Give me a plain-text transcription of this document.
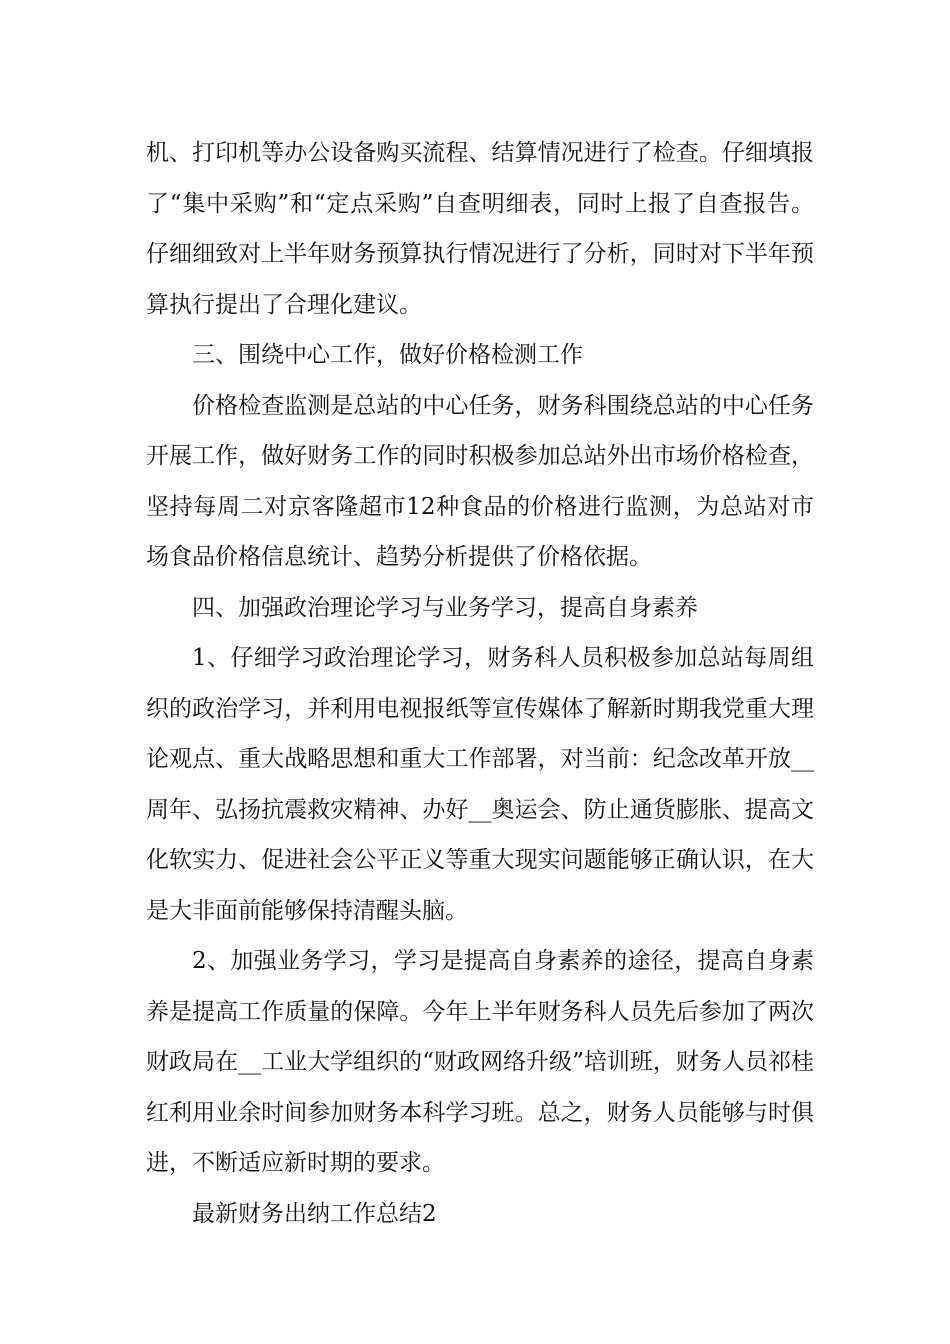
机、打印机等办公设备购买流程、结算情况进行了检查。仔细填报了“集中采购”和“定点采购”自查明细表，同时上报了自查报告。仔细细致对上半年财务预算执行情况进行了分析，同时对下半年预算执行提出了合理化建议。

三、围绕中心工作，做好价格检测工作

价格检查监测是总站的中心任务，财务科围绕总站的中心任务开展工作，做好财务工作的同时积极参加总站外出市场价格检查，坚持每周二对京客隆超市12种食品的价格进行监测，为总站对市场食品价格信息统计、趋势分析提供了价格依据。

四、加强政治理论学习与业务学习，提高自身素养

1、仔细学习政治理论学习，财务科人员积极参加总站每周组织的政治学习，并利用电视报纸等宣传媒体了解新时期我党重大理论观点、重大战略思想和重大工作部署，对当前：纪念改革开放__周年、弘扬抗震救灾精神、办好__奥运会、防止通货膨胀、提高文化软实力、促进社会公平正义等重大现实问题能够正确认识，在大是大非面前能够保持清醒头脑。

2、加强业务学习，学习是提高自身素养的途径，提高自身素养是提高工作质量的保障。今年上半年财务科人员先后参加了两次财政局在__工业大学组织的“财政网络升级”培训班，财务人员祁桂红利用业余时间参加财务本科学习班。总之，财务人员能够与时俱进，不断适应新时期的要求。

最新财务出纳工作总结2
